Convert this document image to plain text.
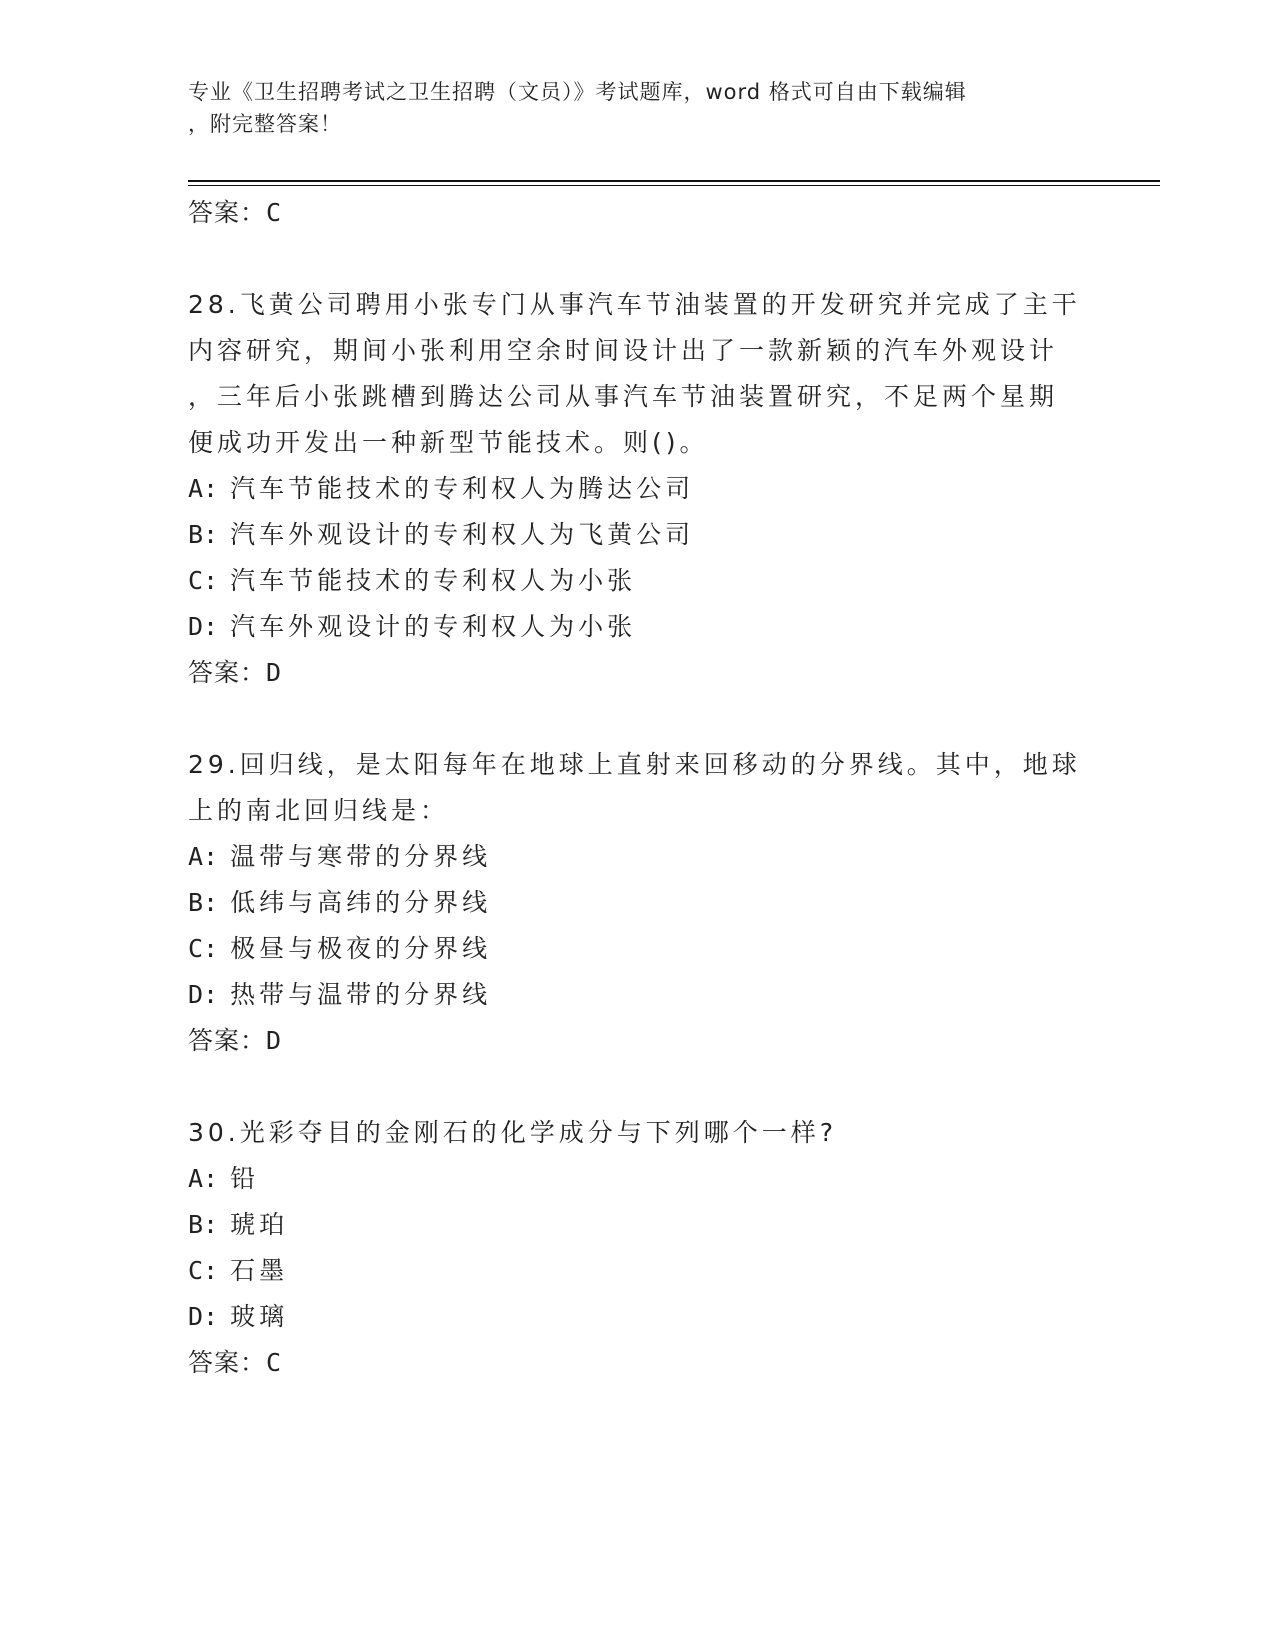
专业《卫生招聘考试之卫生招聘（文员）》考试题库，word 格式可自由下载编辑
，附完整答案！
答案：C
28.飞黄公司聘用小张专门从事汽车节油装置的开发研究并完成了主干
内容研究，期间小张利用空余时间设计出了一款新颖的汽车外观设计
，三年后小张跳槽到腾达公司从事汽车节油装置研究，不足两个星期
便成功开发出一种新型节能技术。则()。
A: 汽车节能技术的专利权人为腾达公司
B: 汽车外观设计的专利权人为飞黄公司
C: 汽车节能技术的专利权人为小张
D: 汽车外观设计的专利权人为小张
答案：D
29.回归线，是太阳每年在地球上直射来回移动的分界线。其中，地球
上的南北回归线是：
A: 温带与寒带的分界线
B: 低纬与高纬的分界线
C: 极昼与极夜的分界线
D: 热带与温带的分界线
答案：D
30.光彩夺目的金刚石的化学成分与下列哪个一样?
A: 铅
B: 琥珀
C: 石墨
D: 玻璃
答案：C
